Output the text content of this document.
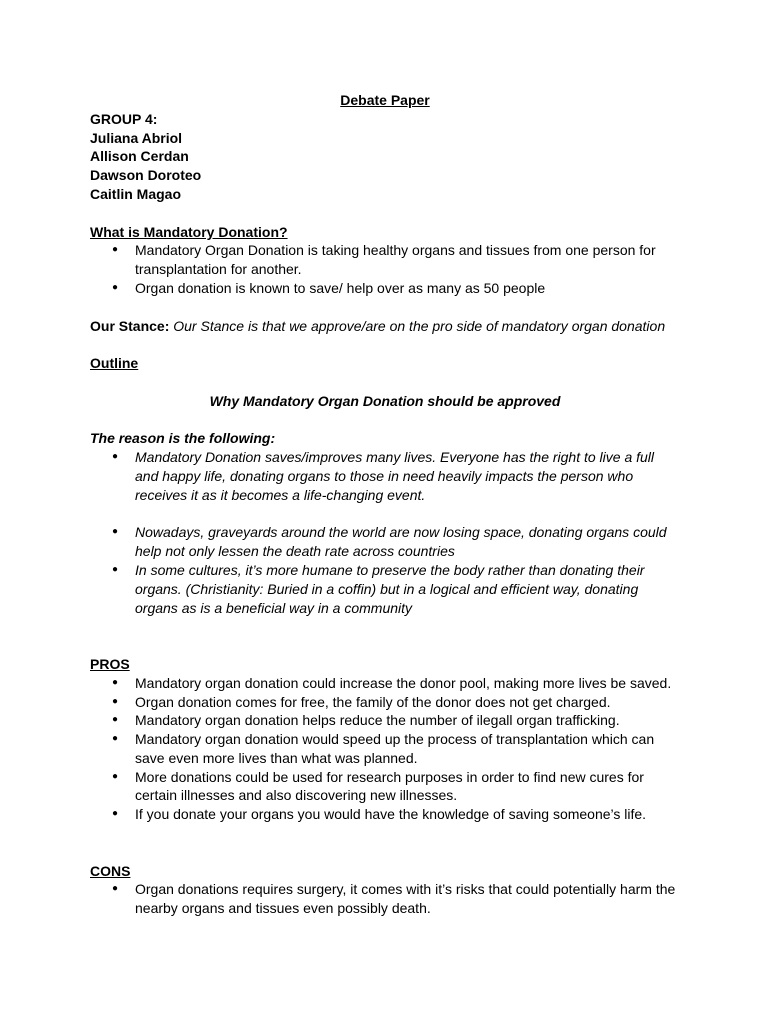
Debate Paper
GROUP 4:
Juliana Abriol
Allison Cerdan
Dawson Doroteo
Caitlin Magao
What is Mandatory Donation?
● Mandatory Organ Donation is taking healthy organs and tissues from one person for transplantation for another.
● Organ donation is known to save/ help over as many as 50 people
Our Stance: Our Stance is that we approve/are on the pro side of mandatory organ donation
Outline
Why Mandatory Organ Donation should be approved
The reason is the following:
● Mandatory Donation saves/improves many lives. Everyone has the right to live a full and happy life, donating organs to those in need heavily impacts the person who receives it as it becomes a life-changing event.
● Nowadays, graveyards around the world are now losing space, donating organs could help not only lessen the death rate across countries
● In some cultures, it’s more humane to preserve the body rather than donating their organs. (Christianity: Buried in a coffin) but in a logical and efficient way, donating organs as is a beneficial way in a community
PROS
● Mandatory organ donation could increase the donor pool, making more lives be saved.
● Organ donation comes for free, the family of the donor does not get charged.
● Mandatory organ donation helps reduce the number of ilegall organ trafficking.
● Mandatory organ donation would speed up the process of transplantation which can save even more lives than what was planned.
● More donations could be used for research purposes in order to find new cures for certain illnesses and also discovering new illnesses.
● If you donate your organs you would have the knowledge of saving someone’s life.
CONS
● Organ donations requires surgery, it comes with it’s risks that could potentially harm the nearby organs and tissues even possibly death.
